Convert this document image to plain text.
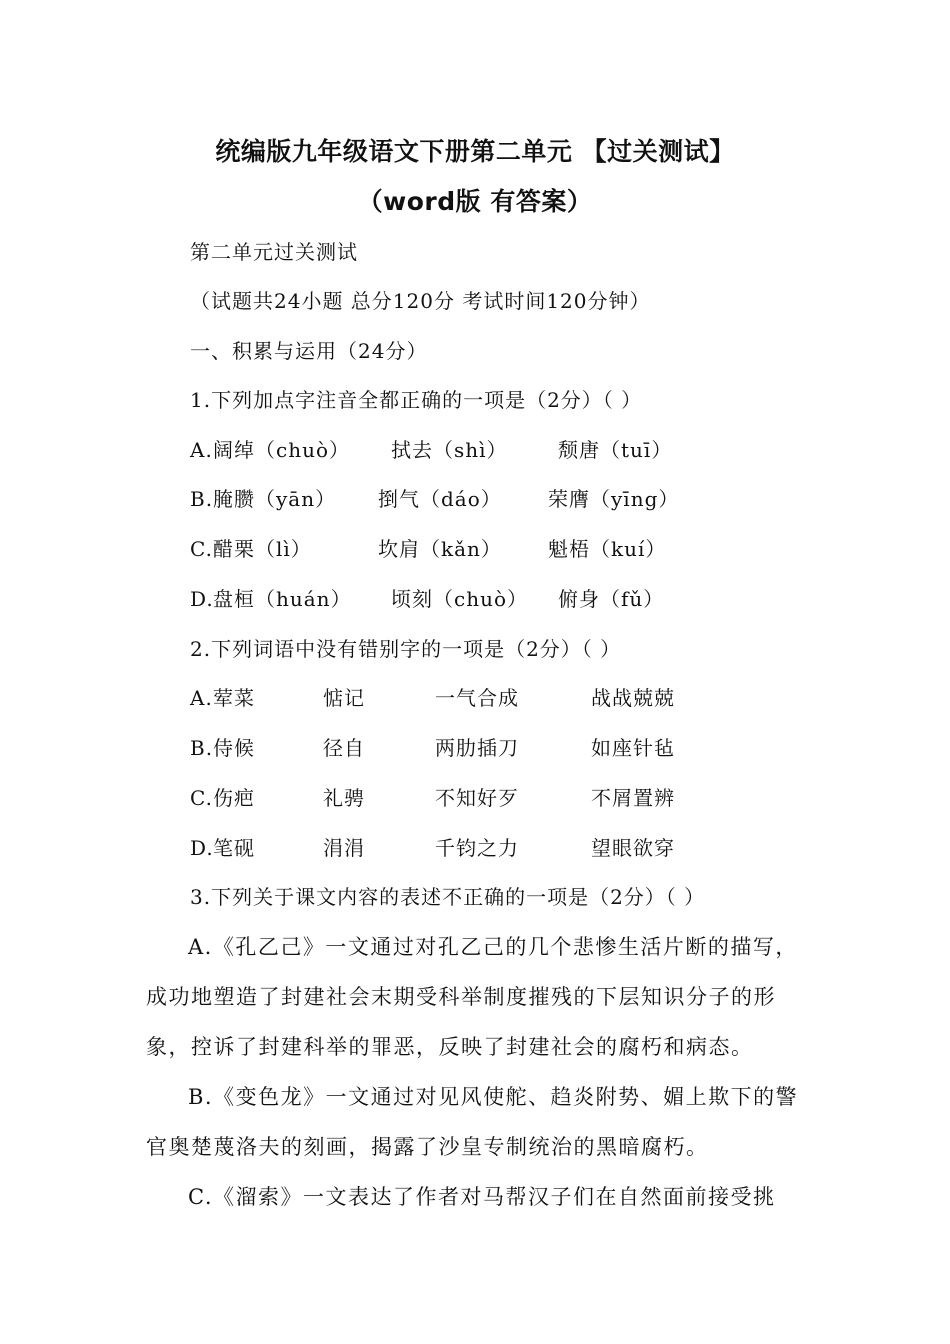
统编版九年级语文下册第二单元 【过关测试】
（word版 有答案）
第二单元过关测试
（试题共24小题 总分120分 考试时间120分钟）
一、积累与运用（24分）
1.下列加点字注音全都正确的一项是（2分）（ ）
A. 阔绰（chuò）	拭去（shì）	颓唐（tuī）
B. 腌臜（yān）	捯气（dáo）	荣膺（yīng）
C. 醋栗（lì）	坎肩（kǎn）	魁梧（kuí）
D. 盘桓（huán）	顷刻（chuò）	俯身（fǔ）
2.下列词语中没有错别字的一项是（2分）（ ）
A. 荤菜	惦记	一气合成	战战兢兢
B. 侍候	径自	两肋插刀	如座针毡
C. 伤疤	礼骋	不知好歹	不屑置辨
D. 笔砚	涓涓	千钧之力	望眼欲穿
3.下列关于课文内容的表述不正确的一项是（2分）（ ）
A.《孔乙己》一文通过对孔乙己的几个悲惨生活片断的描写，成功地塑造了封建社会末期受科举制度摧残的下层知识分子的形象，控诉了封建科举的罪恶，反映了封建社会的腐朽和病态。
B.《变色龙》一文通过对见风使舵、趋炎附势、媚上欺下的警官奥楚蔑洛夫的刻画，揭露了沙皇专制统治的黑暗腐朽。
C.《溜索》一文表达了作者对马帮汉子们在自然面前接受挑
